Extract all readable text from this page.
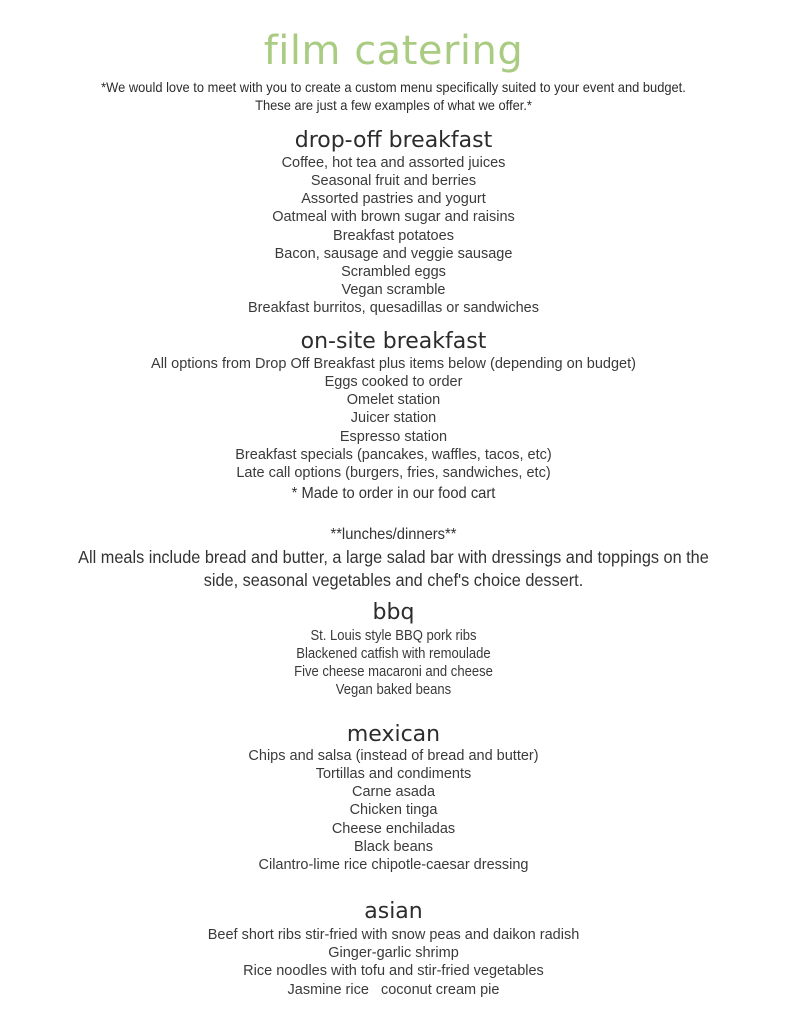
film catering
*We would love to meet with you to create a custom menu specifically suited to your event and budget.
These are just a few examples of what we offer.*
drop-off breakfast
Coffee, hot tea and assorted juices
Seasonal fruit and berries
Assorted pastries and yogurt
Oatmeal with brown sugar and raisins
Breakfast potatoes
Bacon, sausage and veggie sausage
Scrambled eggs
Vegan scramble
Breakfast burritos, quesadillas or sandwiches
on-site breakfast
All options from Drop Off Breakfast plus items below (depending on budget)
Eggs cooked to order
Omelet station
Juicer station
Espresso station
Breakfast specials (pancakes, waffles, tacos, etc)
Late call options (burgers, fries, sandwiches, etc)
* Made to order in our food cart
**lunches/dinners**
All meals include bread and butter, a large salad bar with dressings and toppings on the
side, seasonal vegetables and chef's choice dessert.
bbq
St. Louis style BBQ pork ribs
Blackened catfish with remoulade
Five cheese macaroni and cheese
Vegan baked beans
mexican
Chips and salsa (instead of bread and butter)
Tortillas and condiments
Carne asada
Chicken tinga
Cheese enchiladas
Black beans
Cilantro-lime rice chipotle-caesar dressing
asian
Beef short ribs stir-fried with snow peas and daikon radish
Ginger-garlic shrimp
Rice noodles with tofu and stir-fried vegetables
Jasmine rice   coconut cream pie
